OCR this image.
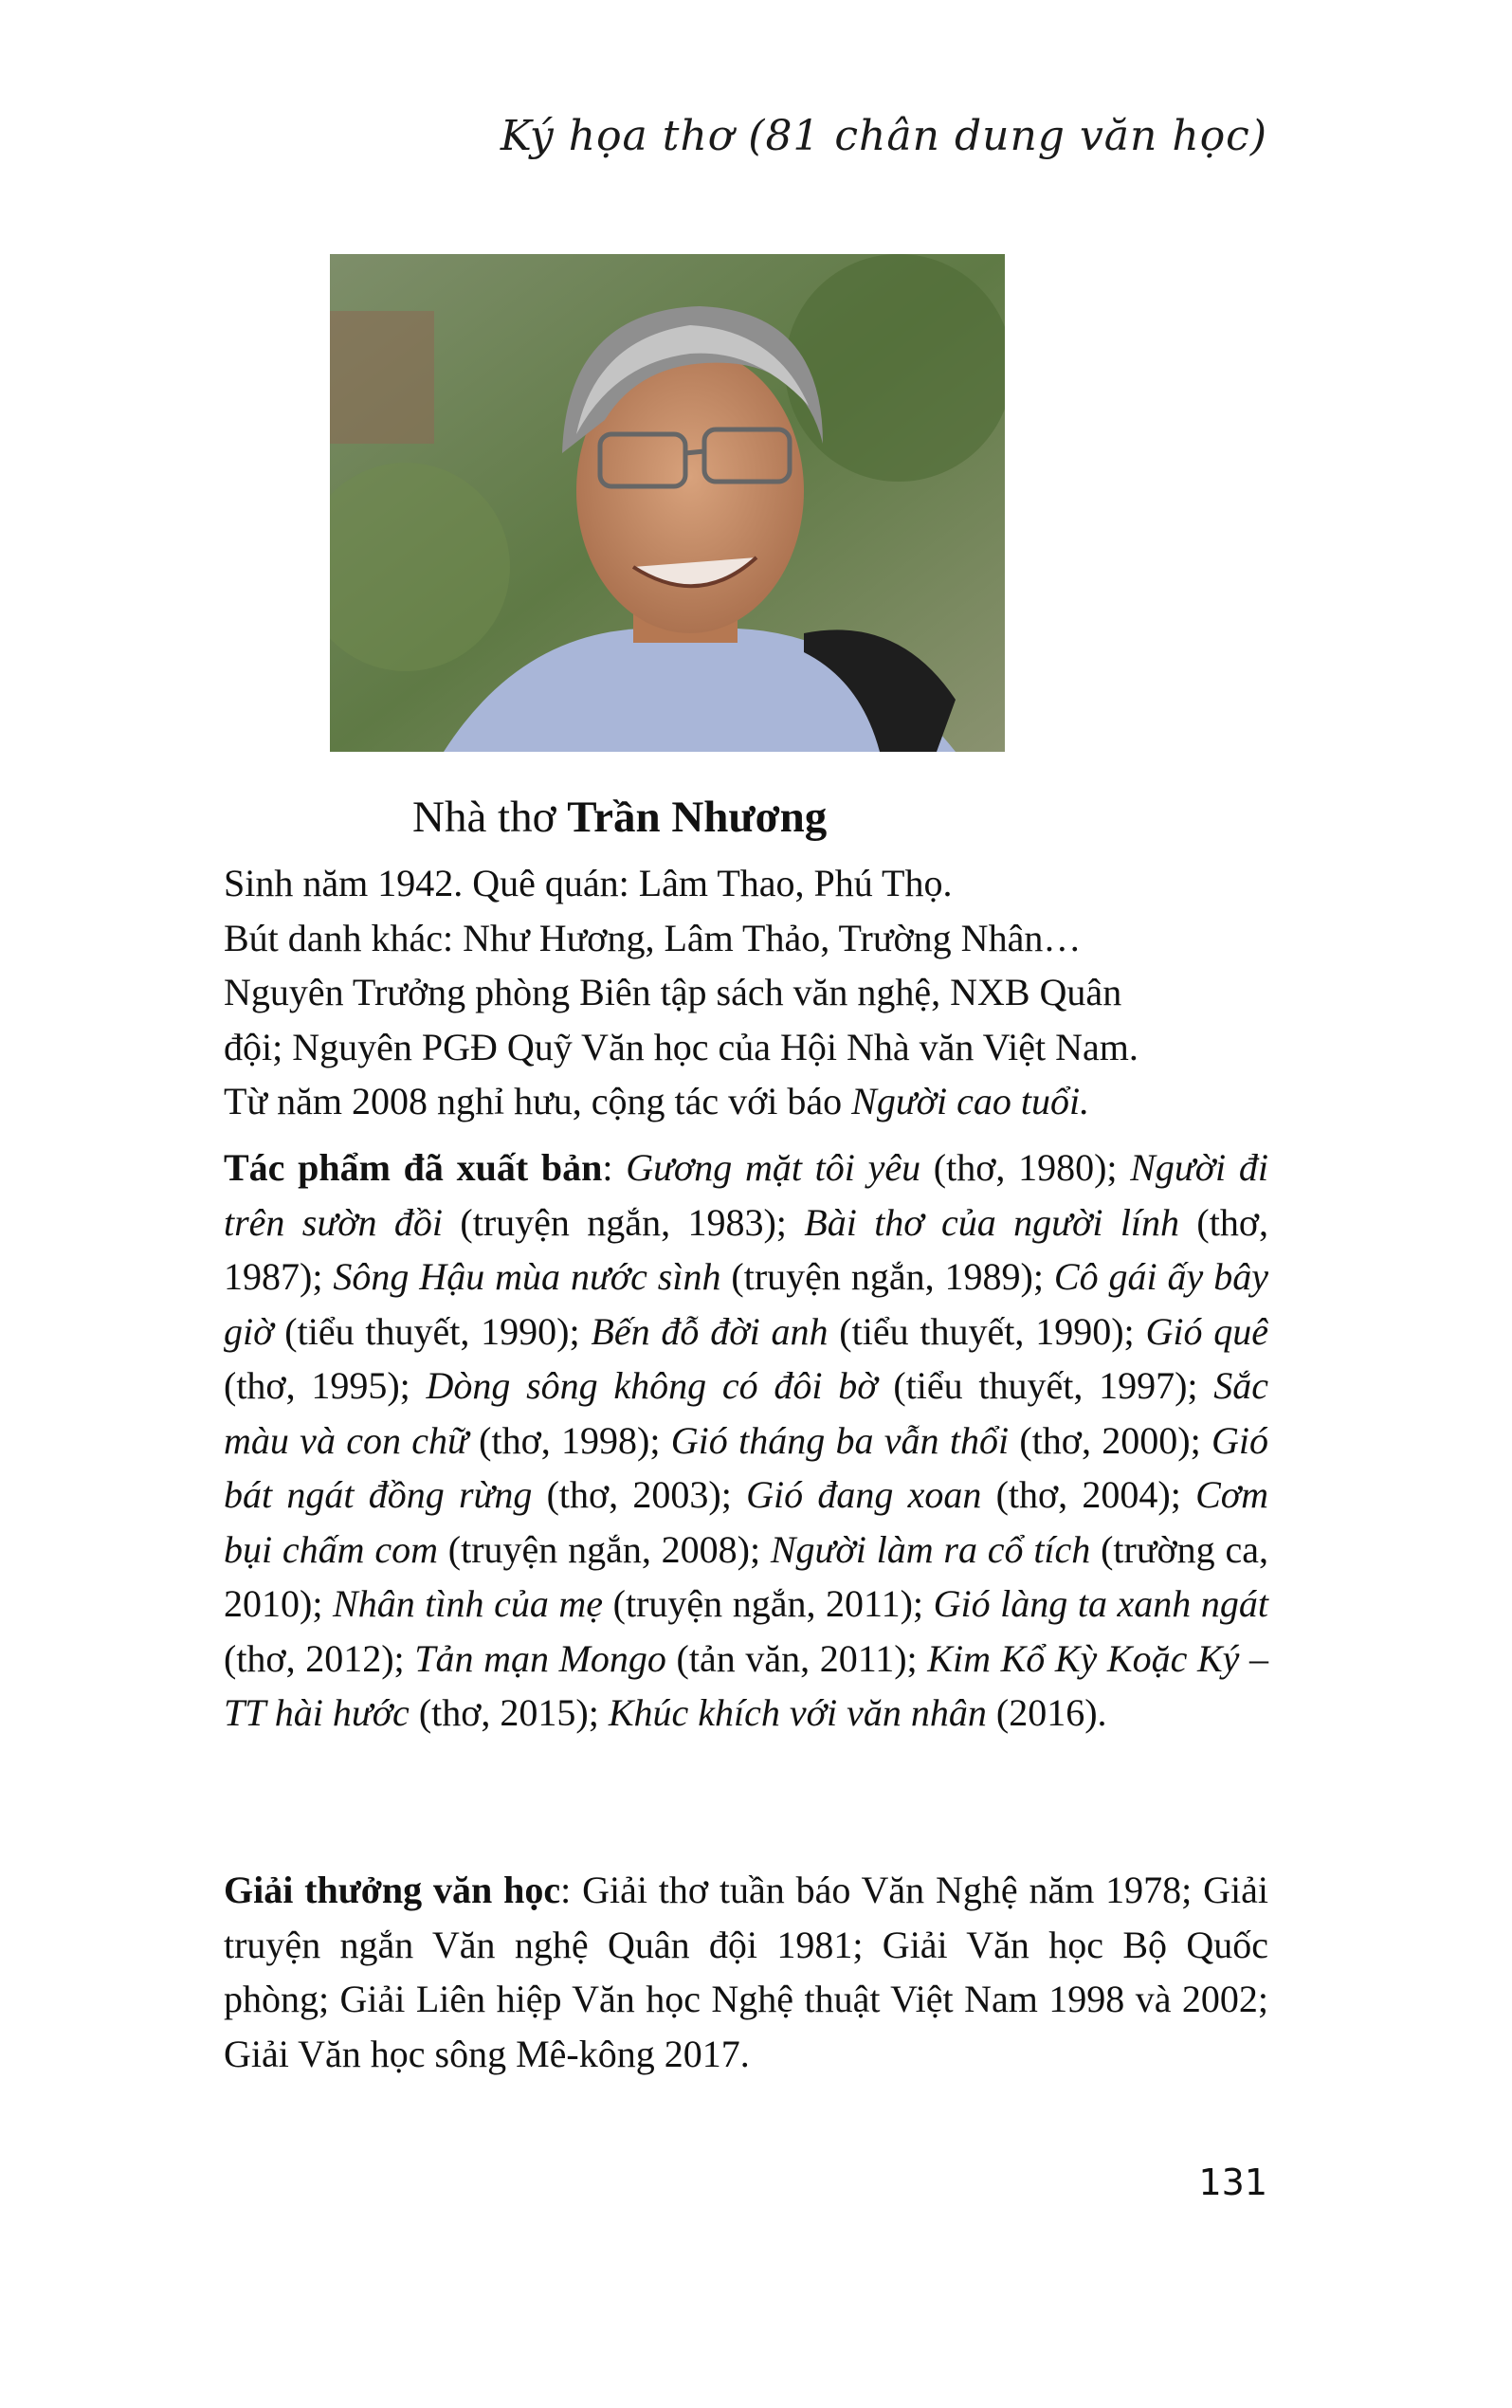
Ký họa thơ (81 chân dung văn học)
Nhà thơ Trần Nhương
Sinh năm 1942. Quê quán: Lâm Thao, Phú Thọ.
Bút danh khác: Như Hương, Lâm Thảo, Trường Nhân…
Nguyên Trưởng phòng Biên tập sách văn nghệ, NXB Quân
đội; Nguyên PGĐ Quỹ Văn học của Hội Nhà văn Việt Nam.
Từ năm 2008 nghỉ hưu, cộng tác với báo Người cao tuổi.
Tác phẩm đã xuất bản: Gương mặt tôi yêu (thơ, 1980); Người đi trên sườn đồi (truyện ngắn, 1983); Bài thơ của người lính (thơ, 1987); Sông Hậu mùa nước sình (truyện ngắn, 1989); Cô gái ấy bây giờ (tiểu thuyết, 1990); Bến đỗ đời anh (tiểu thuyết, 1990); Gió quê (thơ, 1995); Dòng sông không có đôi bờ (tiểu thuyết, 1997); Sắc màu và con chữ (thơ, 1998); Gió tháng ba vẫn thổi (thơ, 2000); Gió bát ngát đồng rừng (thơ, 2003); Gió đang xoan (thơ, 2004); Cơm bụi chấm com (truyện ngắn, 2008); Người làm ra cổ tích (trường ca, 2010); Nhân tình của mẹ (truyện ngắn, 2011); Gió làng ta xanh ngát (thơ, 2012); Tản mạn Mongo (tản văn, 2011); Kim Kổ Kỳ Koặc Ký – TT hài hước (thơ, 2015); Khúc khích với văn nhân (2016).
Giải thưởng văn học: Giải thơ tuần báo Văn Nghệ năm 1978; Giải truyện ngắn Văn nghệ Quân đội 1981; Giải Văn học Bộ Quốc phòng; Giải Liên hiệp Văn học Nghệ thuật Việt Nam 1998 và 2002; Giải Văn học sông Mê-kông 2017.
131
